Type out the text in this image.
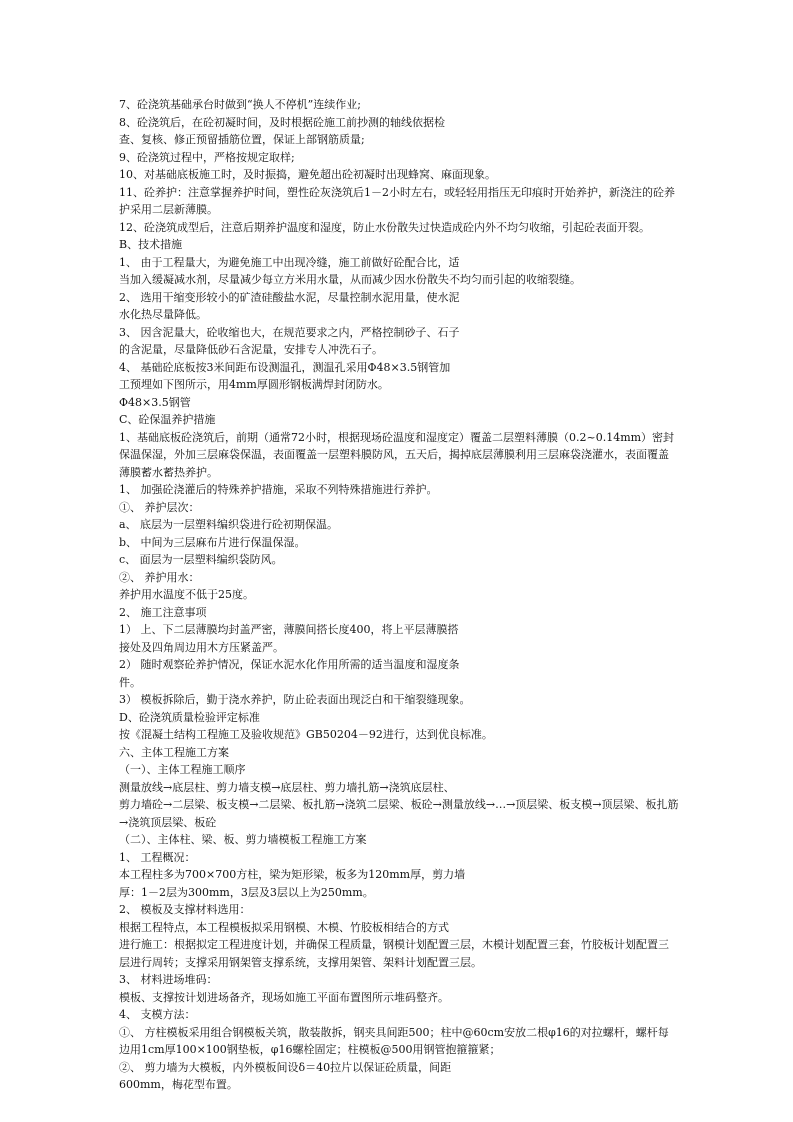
7、砼浇筑基础承台时做到“换人不停机”连续作业;
8、砼浇筑后，在砼初凝时间，及时根据砼施工前抄测的轴线依据检
查、复核、修正预留插筋位置，保证上部钢筋质量;
9、砼浇筑过程中，严格按规定取样;
10、对基础底板施工时，及时振捣，避免超出砼初凝时出现蜂窝、麻面现象。
11、砼养护：注意掌握养护时间，塑性砼灰浇筑后1－2小时左右，或轻轻用指压无印痕时开始养护，新浇注的砼养护采用二层新薄膜。
12、砼浇筑成型后，注意后期养护温度和湿度，防止水份散失过快造成砼内外不均匀收缩，引起砼表面开裂。
B、技术措施
1、 由于工程量大，为避免施工中出现冷缝，施工前做好砼配合比，适
当加入缓凝减水剂，尽量减少每立方米用水量，从而减少因水份散失不均匀而引起的收缩裂缝。
2、 选用干缩变形较小的矿渣硅酸盐水泥，尽量控制水泥用量，使水泥
水化热尽量降低。
3、 因含泥量大，砼收缩也大，在规范要求之内，严格控制砂子、石子
的含泥量，尽量降低砂石含泥量，安排专人冲洗石子。
4、 基础砼底板按3米间距布设测温孔，测温孔采用Φ48×3.5钢管加
工预埋如下图所示，用4mm厚圆形钢板满焊封闭防水。
Φ48×3.5钢管
C、砼保温养护措施
1、基础底板砼浇筑后，前期（通常72小时，根据现场砼温度和湿度定）覆盖二层塑料薄膜（0.2~0.14mm）密封保温保湿，外加三层麻袋保温，表面覆盖一层塑料膜防风，五天后，揭掉底层薄膜利用三层麻袋浇灌水，表面覆盖薄膜蓄水蓄热养护。
1、 加强砼浇灌后的特殊养护措施，采取不列特殊措施进行养护。
①、 养护层次：
a、 底层为一层塑料编织袋进行砼初期保温。
b、 中间为三层麻布片进行保温保湿。
c、 面层为一层塑料编织袋防风。
②、 养护用水：
养护用水温度不低于25度。
2、 施工注意事项
1） 上、下二层薄膜均封盖严密，薄膜间搭长度400，将上平层薄膜搭
接处及四角周边用木方压紧盖严。
2） 随时观察砼养护情况，保证水泥水化作用所需的适当温度和湿度条
件。
3） 模板拆除后，勤于浇水养护，防止砼表面出现泛白和干缩裂缝现象。
D、砼浇筑质量检验评定标准
按《混凝土结构工程施工及验收规范》GB50204－92进行，达到优良标准。
六、主体工程施工方案
（一）、主体工程施工顺序
测量放线→底层柱、剪力墙支模→底层柱、剪力墙扎筋→浇筑底层柱、
剪力墙砼→二层梁、板支模→二层梁、板扎筋→浇筑二层梁、板砼→测量放线→…→顶层梁、板支模→顶层梁、板扎筋→浇筑顶层梁、板砼
（二）、主体柱、梁、板、剪力墙模板工程施工方案
1、 工程概况：
本工程柱多为700×700方柱，梁为矩形梁，板多为120mm厚，剪力墙
厚：1－2层为300mm，3层及3层以上为250mm。
2、 模板及支撑材料选用：
根据工程特点，本工程模板拟采用钢模、木模、竹胶板相结合的方式
进行施工：根据拟定工程进度计划，并确保工程质量，钢模计划配置三层，木模计划配置三套，竹胶板计划配置三层进行周转；支撑采用钢架管支撑系统，支撑用架管、架料计划配置三层。
3、 材料进场堆码：
模板、支撑按计划进场备齐，现场如施工平面布置图所示堆码整齐。
4、 支模方法：
①、 方柱模板采用组合钢模板关筑，散装散拆，钢夹具间距500；柱中@60cm安放二根φ16的对拉螺杆，螺杆每边用1cm厚100×100钢垫板，φ16螺栓固定；柱模板@500用钢管抱箍箍紧；
②、 剪力墙为大模板，内外模板间设δ＝40拉片以保证砼质量，间距
600mm，梅花型布置。
